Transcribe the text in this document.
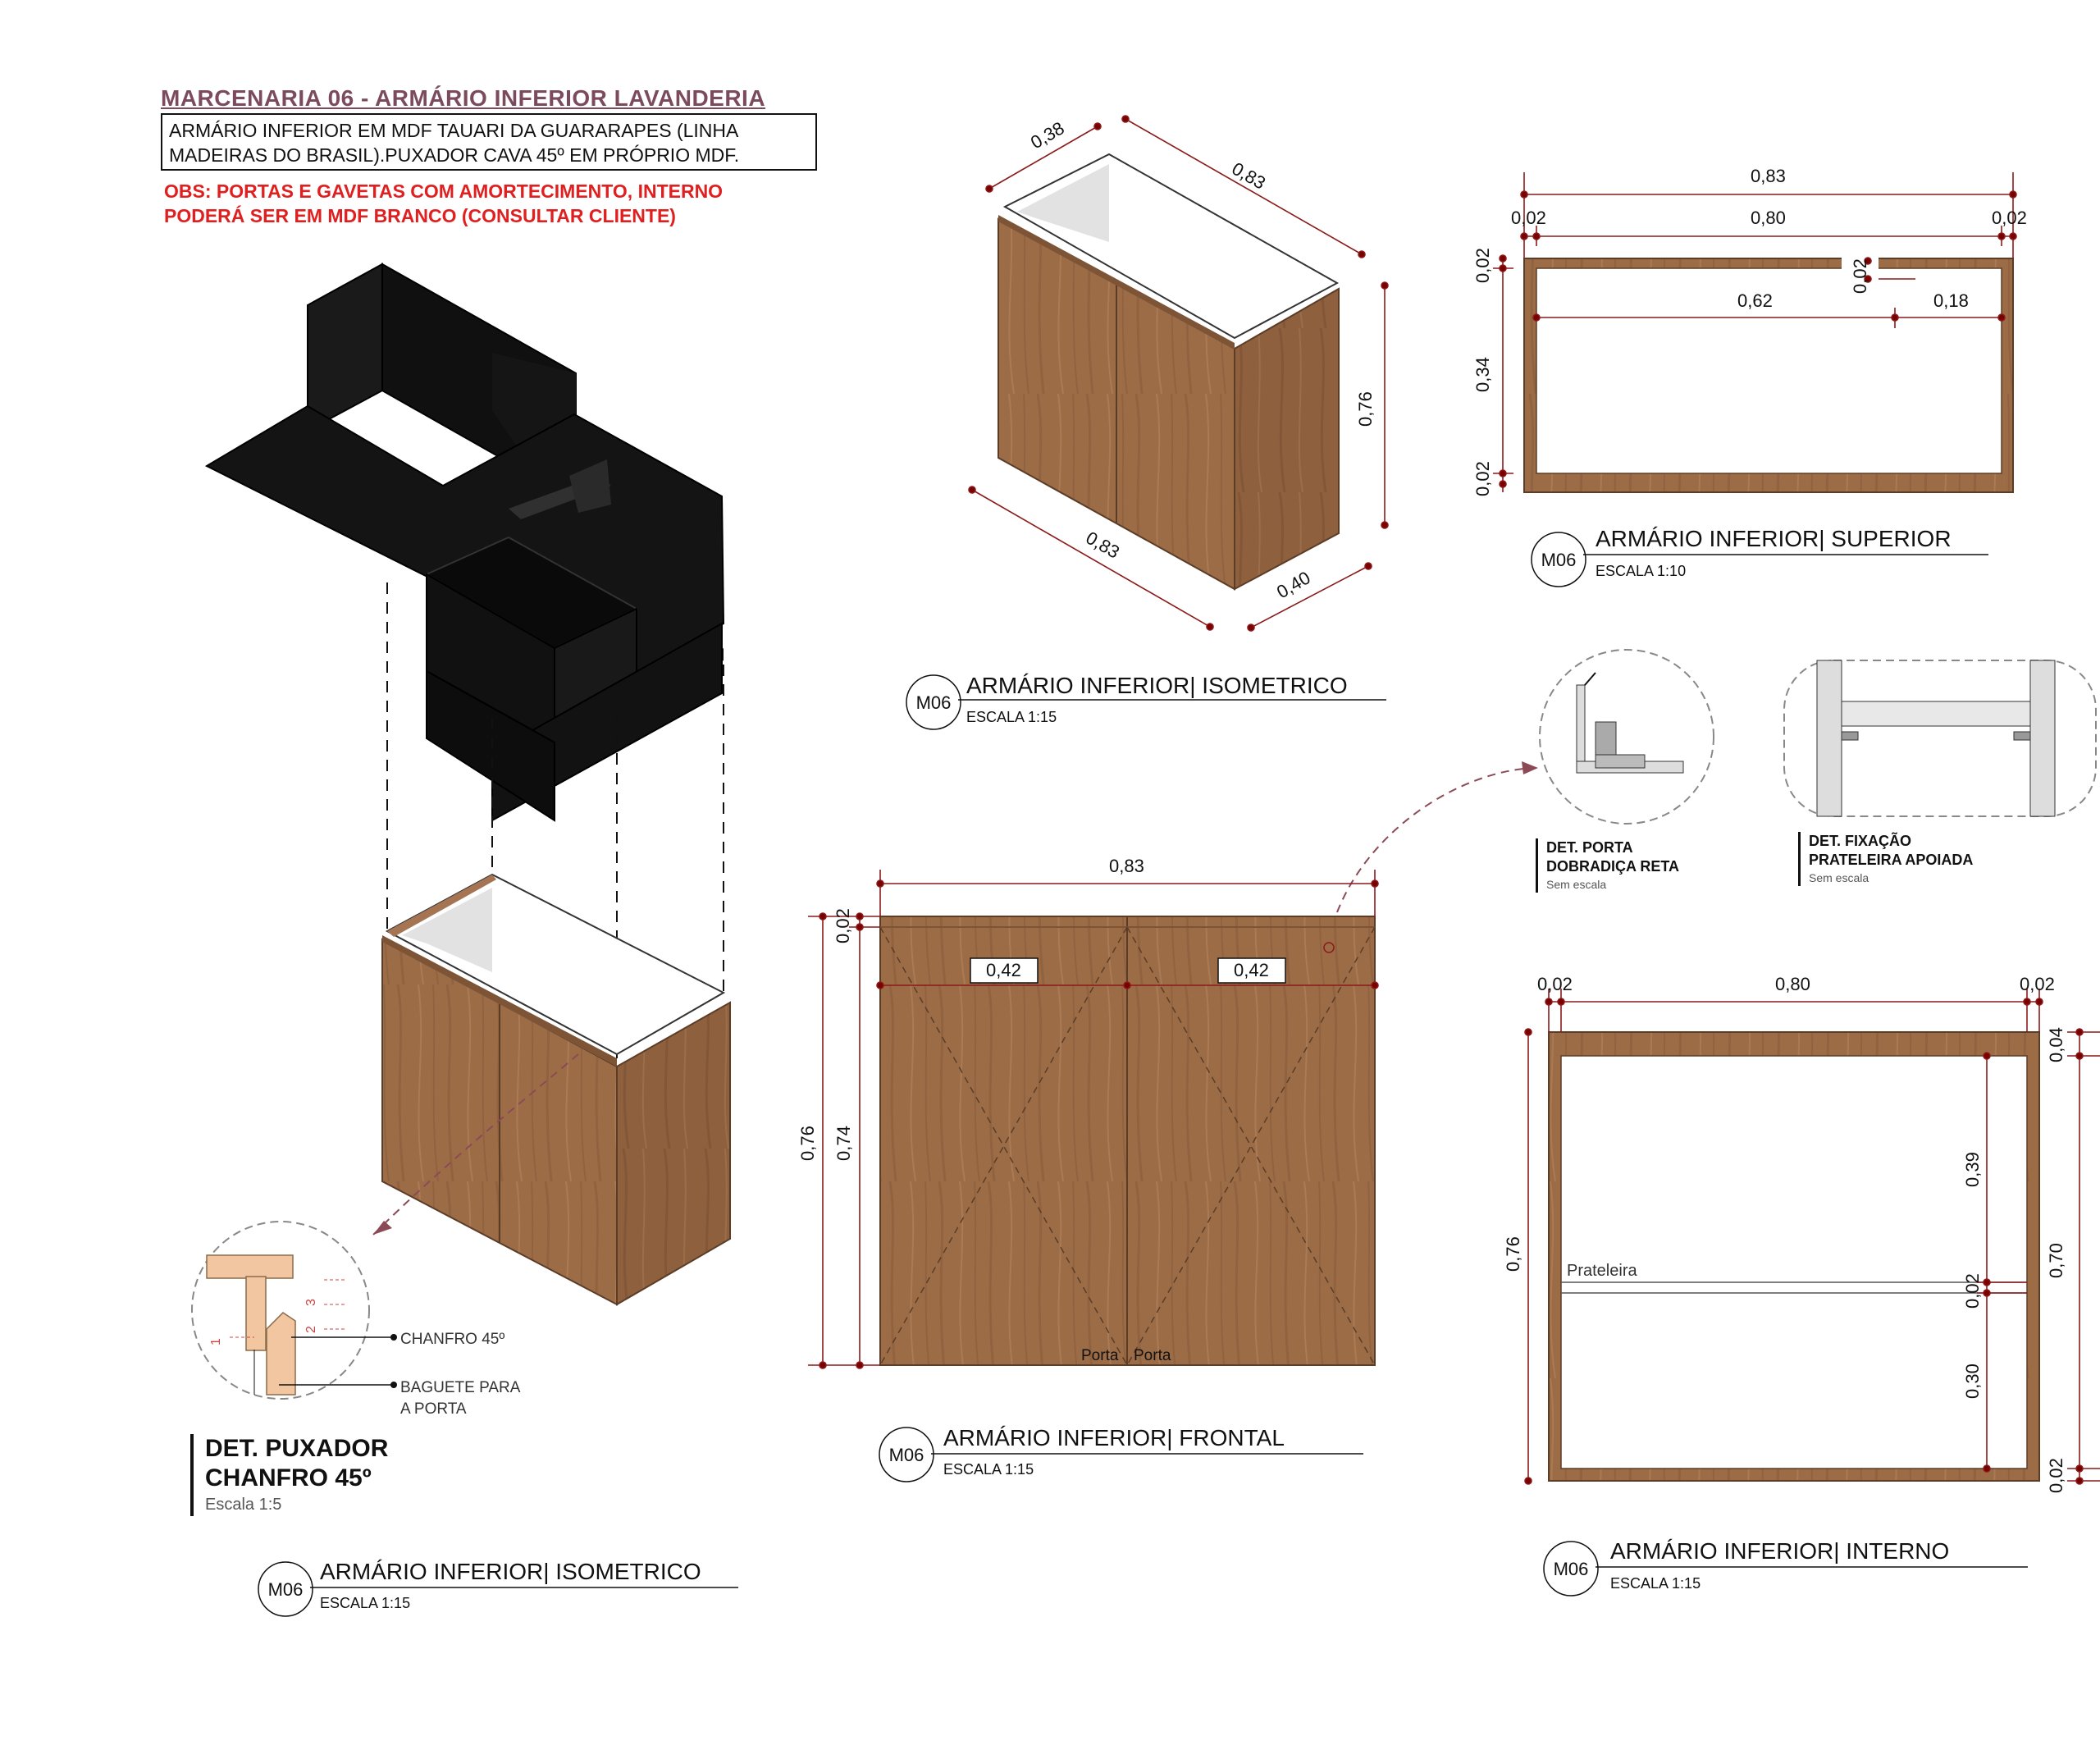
MARCENARIA 06 - ARMÁRIO INFERIOR LAVANDERIA
ARMÁRIO INFERIOR EM MDF TAUARI DA GUARARAPES (LINHA
MADEIRAS DO BRASIL).PUXADOR CAVA 45º EM PRÓPRIO MDF.
OBS: PORTAS E GAVETAS COM AMORTECIMENTO, INTERNO
PODERÁ SER EM MDF BRANCO (CONSULTAR CLIENTE)
0,38
0,83
0,76
0,83
0,40
0,83
0,02	0,80	0,02
0,02
0,34
0,02
0,02
0,62	0,18
0,83
0,02
0,76 0,74
0,42	0,42
Porta Porta
0,02	0,80	0,02
0,76
0,04
0,39
0,02
0,30
0,02
0,70
Prateleira
CHANFRO 45º
BAGUETE PARA
A PORTA
1
2
3
M06
ARMÁRIO INFERIOR| ISOMETRICO
ESCALA 1:15
M06
ARMÁRIO INFERIOR| SUPERIOR
ESCALA 1:10
M06
ARMÁRIO INFERIOR| FRONTAL
ESCALA 1:15
M06
ARMÁRIO INFERIOR| INTERNO
ESCALA 1:15
M06
ARMÁRIO INFERIOR| ISOMETRICO
ESCALA 1:15
DET. PUXADOR
CHANFRO 45º
Escala 1:5
DET. PORTA
DOBRADIÇA RETA
Sem escala
DET. FIXAÇÃO
PRATELEIRA APOIADA
Sem escala
